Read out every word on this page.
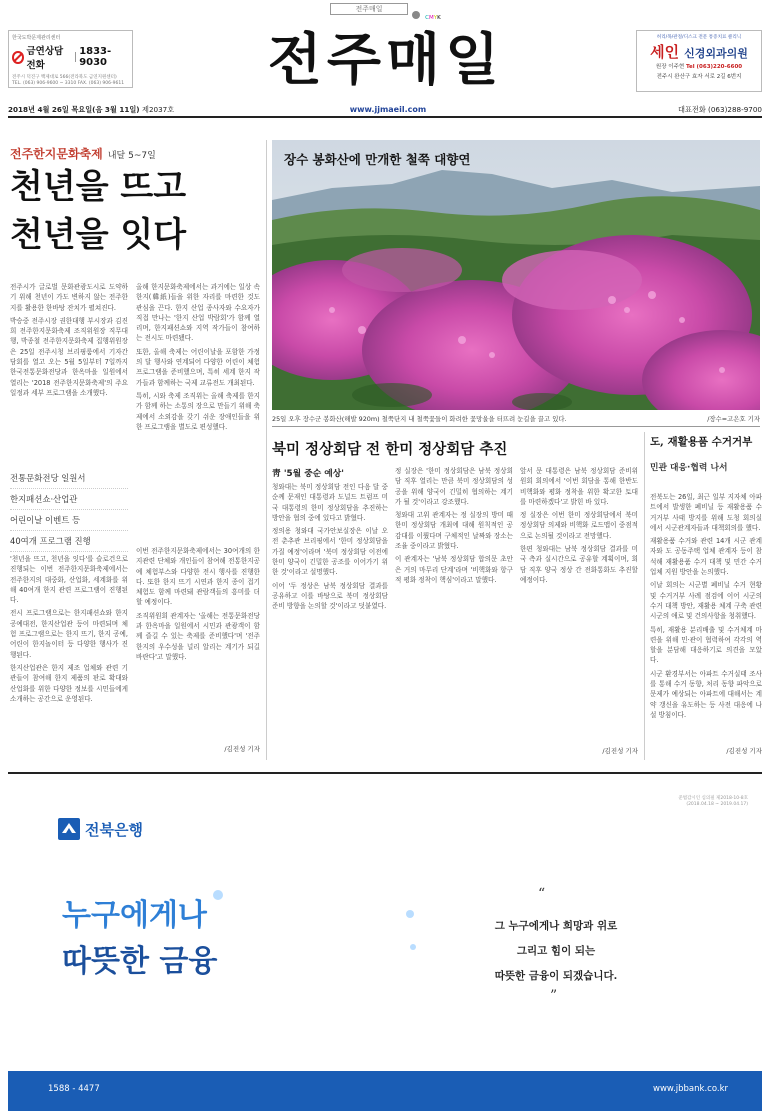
전주매일
CMYK
한국도박문제관리센터
금연상담전화
1833-9030
전주시 덕진구 백제대로 566(전라북도 금연지원센터)
TEL. (063) 906-9600 ~ 3310 FAX. (063) 906-9611	전주매일	허리/목/관절/디스크 전문 통증치료 클리닉
세인 신경외과의원
원장 이주현 Tel (063)220-6600
전주시 완산구 효자 서로 2길 6번지
2018년 4월 26일 목요일(음 3월 11일) 제2037호	www.jjmaeil.com	대표전화 (063)288-9700
전주한지문화축제 내달 5~7일
천년을 뜨고
천년을 잇다

전주시가 글로벌 문화관광도시로 도약하기 위해 천년이 가도 변하지 않는 전주한지를 활용한 한바탕 잔치가 펼쳐진다.

박승중 전주시장 권한대행 부시장과 김진희 전주한지문화축제 조직위원장 직무대행, 박종철 전주한지문화축제 집행위원장은 25일 전주시청 브리핑룸에서 기자간담회를 열고 오는 5월 5일부터 7일까지 한국전통문화전당과 한옥마을 일원에서 열리는 '2018 전주한지문화축제'의 주요 일정과 세부 프로그램을 소개했다.

전통문화전당 일원서
한지패션쇼·산업관
어린이날 이벤트 등
40여개 프로그램 진행

'천년을 뜨고, 천년을 잇다'를 슬로건으로 진행되는 이번 전주한지문화축제에서는 전주한지의 대중화, 산업화, 세계화를 위해 40여개 한지 관련 프로그램이 진행된다.

전시 프로그램으로는 한지패션쇼와 한지공예대전, 한지산업관 등이 마련되며 체험 프로그램으로는 한지 뜨기, 한지 공예, 어린이 한지놀이터 등 다양한 행사가 진행된다.

한지산업관은 한지 제조 업체와 관련 기관들이 참여해 한지 제품의 판로 확대와 산업화를 위한 다양한 정보를 시민들에게 소개하는 공간으로 운영된다.

올해 한지문화축제에서는 과거에는 일상 속 한지(韓紙)들을 위한 자리를 마련한 것도 관심을 끈다. 한지 산업 종사자와 수요자가 직접 만나는 '한지 산업 박람회'가 함께 열리며, 한지패션쇼와 지역 작가들이 참여하는 전시도 마련됐다.

또한, 올해 축제는 어린이날을 포함한 가정의 달 행사와 연계되어 다양한 어린이 체험 프로그램을 준비했으며, 특히 세계 한지 작가들과 함께하는 국제 교류전도 개최된다.

특히, 시와 축제 조직위는 올해 축제를 한지가 함께 하는 소통의 장으로 만들기 위해 축제에서 소외감을 갖기 쉬운 장애인들을 위한 프로그램을 별도로 편성했다.

이번 전주한지문화축제에서는 30여개의 한지관련 단체와 개인들이 참여해 전통한지공예 체험부스와 다양한 전시 행사를 진행한다. 또한 한지 뜨기 시연과 한지 종이 접기 체험도 함께 마련돼 관람객들의 흥미를 더할 예정이다.

조직위원회 관계자는 '올해는 전통문화전당과 한옥마을 일원에서 시민과 관광객이 함께 즐길 수 있는 축제를 준비했다'며 '전주한지의 우수성을 널리 알리는 계기가 되길 바란다'고 말했다.

/김진성 기자
장수 봉화산에 만개한 철쭉 대향연
25일 오후 장수군 봉화산(해발 920m) 철쭉단지 내 철쭉꽃들이 화려한 꽃망울을 터뜨려 눈길을 끌고 있다.	/장수=고은호 기자
북미 정상회담 전 한미 정상회담 추진
靑 '5월 중순 예상'

청와대는 북미 정상회담 전인 다음 달 중순께 문재인 대통령과 도널드 트럼프 미국 대통령의 한미 정상회담을 추진하는 방안을 협의 중에 있다고 밝혔다.

정의용 청와대 국가안보실장은 이날 오전 춘추관 브리핑에서 '한미 정상회담을 가질 예정'이라며 '북미 정상회담 이전에 한미 양국이 긴밀한 공조를 이어가기 위한 것'이라고 설명했다.

이어 '두 정상은 남북 정상회담 결과를 공유하고 이를 바탕으로 북미 정상회담 준비 방향을 논의할 것'이라고 덧붙였다.

정 실장은 '한미 정상회담은 남북 정상회담 직후 열리는 만큼 북미 정상회담의 성공을 위해 양국이 긴밀히 협의하는 계기가 될 것'이라고 강조했다.

청와대 고위 관계자는 정 실장의 방미 때 한미 정상회담 개최에 대해 원칙적인 공감대를 이뤘다며 구체적인 날짜와 장소는 조율 중이라고 밝혔다.

이 관계자는 '남북 정상회담 합의문 초안은 거의 마무리 단계'라며 '비핵화와 항구적 평화 정착이 핵심'이라고 말했다.

앞서 문 대통령은 남북 정상회담 준비위원회 회의에서 '이번 회담을 통해 한반도 비핵화와 평화 정착을 위한 확고한 토대를 마련하겠다'고 밝힌 바 있다.

정 실장은 이번 한미 정상회담에서 북미 정상회담 의제와 비핵화 로드맵이 중점적으로 논의될 것이라고 전망했다.

한편 청와대는 남북 정상회담 결과를 미국 측과 실시간으로 공유할 계획이며, 회담 직후 양국 정상 간 전화통화도 추진할 예정이다.

/김진성 기자
도, 재활용품 수거거부
민관 대응·협력 나서

전북도는 26일, 최근 일부 지자체 아파트에서 발생한 폐비닐 등 재활용품 수거거부 사태 방지를 위해 도청 회의실에서 시군관계자들과 대책회의를 했다.

재활용품 수거와 관련 14개 시군 관계자와 도 공동주택 업체 관계자 등이 참석해 재활용품 수거 대책 및 민간 수거업체 지원 방안을 논의했다.

이날 회의는 시군별 폐비닐 수거 현황 및 수거거부 사례 점검에 이어 시군의 수거 대책 방안, 재활용 체계 구축 관련 시군의 애로 및 건의사항을 청취했다.

특히, 재활용 분리배출 및 수거체계 마련을 위해 민·관이 협력하여 각각의 역할을 분담해 대응하기로 의견을 모았다.

시군 환경부서는 아파트 수거실태 조사를 통해 수거 동향, 처리 동향 파악으로 문제가 예상되는 아파트에 대해서는 계약 갱신을 유도하는 등 사전 대응에 나설 방침이다.

/김진성 기자
준법감시인 심의필 제2018-10-8호
(2018.04.18 ~ 2019.04.17)
전북은행
누구에게나
따뜻한 금융
“
그 누구에게나 희망과 위로
그리고 힘이 되는
따뜻한 금융이 되겠습니다.
”
1588 - 4477	www.jbbank.co.kr
